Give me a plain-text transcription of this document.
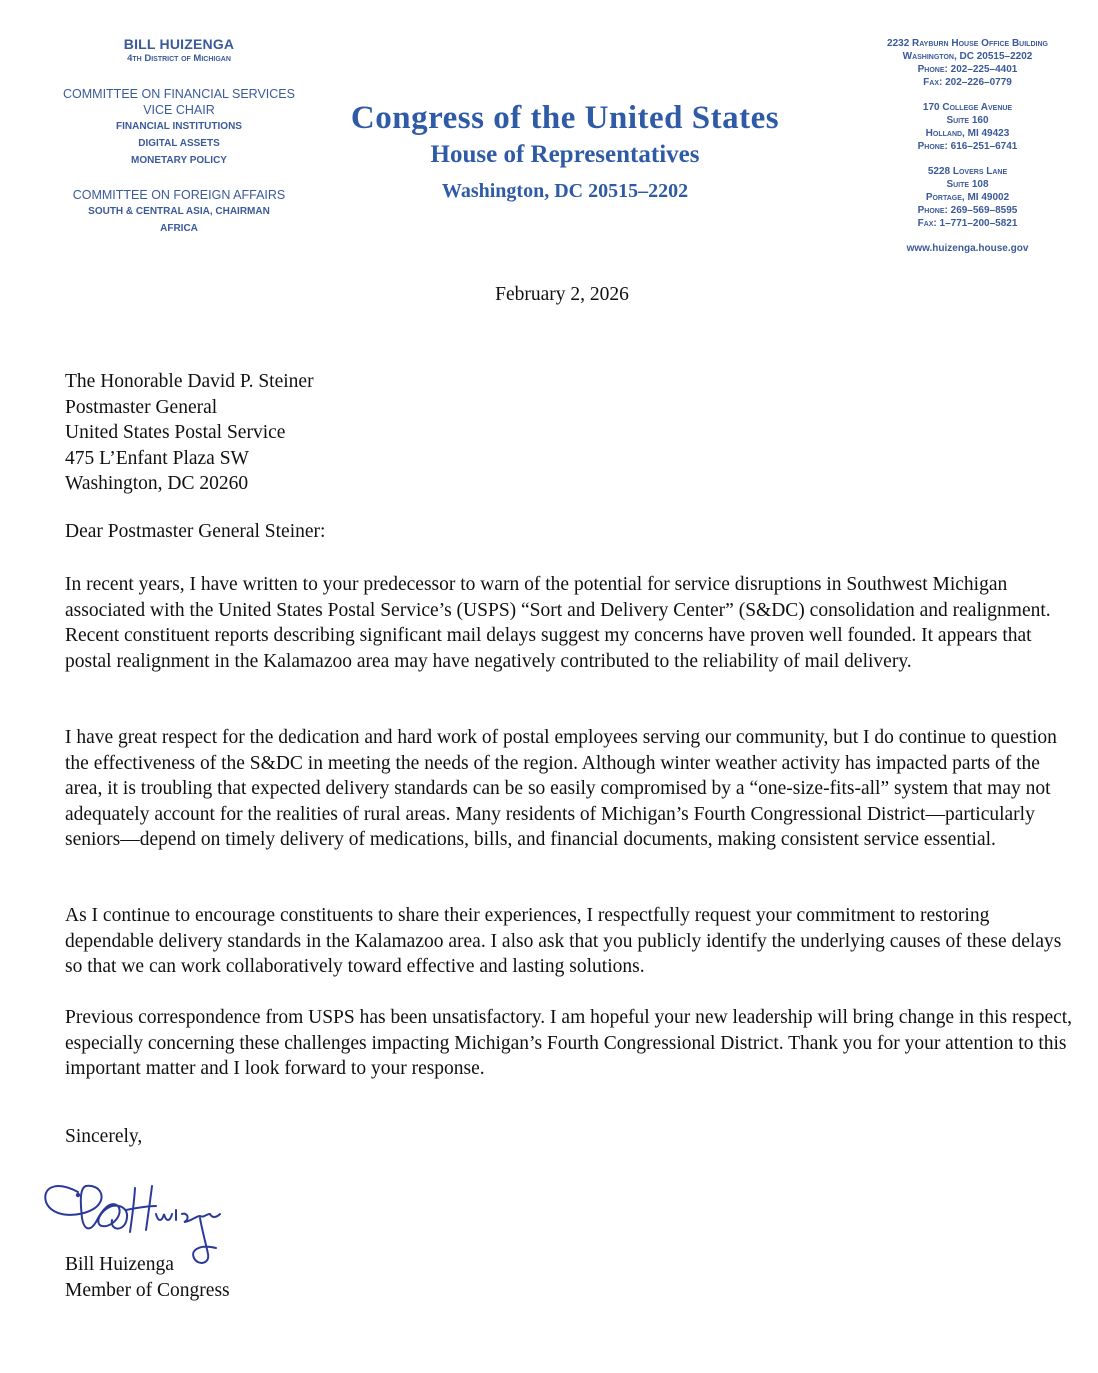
BILL HUIZENGA
4th District of Michigan
COMMITTEE ON FINANCIAL SERVICES
VICE CHAIR
FINANCIAL INSTITUTIONS
DIGITAL ASSETS
MONETARY POLICY
COMMITTEE ON FOREIGN AFFAIRS
SOUTH & CENTRAL ASIA, CHAIRMAN
AFRICA
Congress of the United States
House of Representatives
Washington, DC 20515–2202
2232 Rayburn House Office Building
Washington, DC 20515–2202
Phone: 202–225–4401
Fax: 202–226–0779
170 College Avenue
Suite 160
Holland, MI 49423
Phone: 616–251–6741
5228 Lovers Lane
Suite 108
Portage, MI 49002
Phone: 269–569–8595
Fax: 1–771–200–5821
www.huizenga.house.gov
February 2, 2026
The Honorable David P. Steiner
Postmaster General
United States Postal Service
475 L’Enfant Plaza SW
Washington, DC 20260
Dear Postmaster General Steiner:
In recent years, I have written to your predecessor to warn of the potential for service disruptions in Southwest Michigan associated with the United States Postal Service’s (USPS) “Sort and Delivery Center” (S&DC) consolidation and realignment. Recent constituent reports describing significant mail delays suggest my concerns have proven well founded. It appears that postal realignment in the Kalamazoo area may have negatively contributed to the reliability of mail delivery.
I have great respect for the dedication and hard work of postal employees serving our community, but I do continue to question the effectiveness of the S&DC in meeting the needs of the region. Although winter weather activity has impacted parts of the area, it is troubling that expected delivery standards can be so easily compromised by a “one-size-fits-all” system that may not adequately account for the realities of rural areas. Many residents of Michigan’s Fourth Congressional District—particularly seniors—depend on timely delivery of medications, bills, and financial documents, making consistent service essential.
As I continue to encourage constituents to share their experiences, I respectfully request your commitment to restoring dependable delivery standards in the Kalamazoo area. I also ask that you publicly identify the underlying causes of these delays so that we can work collaboratively toward effective and lasting solutions.
Previous correspondence from USPS has been unsatisfactory. I am hopeful your new leadership will bring change in this respect, especially concerning these challenges impacting Michigan’s Fourth Congressional District. Thank you for your attention to this important matter and I look forward to your response.
Sincerely,
Bill Huizenga
Member of Congress
